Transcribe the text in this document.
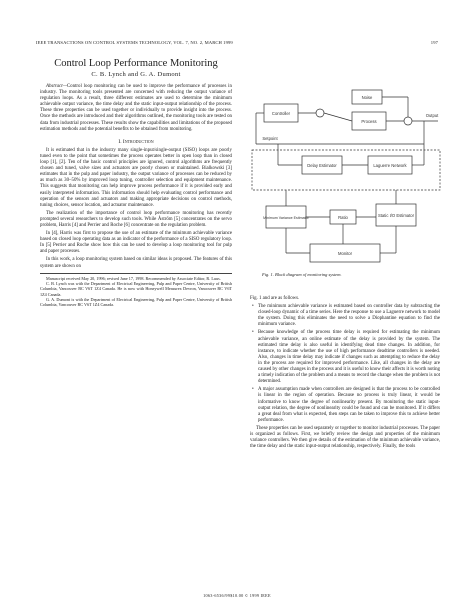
IEEE TRANSACTIONS ON CONTROL SYSTEMS TECHNOLOGY, VOL. 7, NO. 2, MARCH 1999	197
Control Loop Performance Monitoring
C. B. Lynch and G. A. Dumont

Abstract—Control loop monitoring can be used to improve the performance of processes in industry. The monitoring tools presented are concerned with reducing the output variance of regulation loops. As a result, three different estimates are used to determine the minimum achievable output variance, the time delay and the static input-output relationship of the process. These three properties can be used together or individually to provide insight into the process. Once the methods are introduced and their algorithms outlined, the monitoring tools are tested on data from industrial processes. These results show the capabilities and limitations of the proposed estimation methods and the potential benefits to be obtained from monitoring.

I. Introduction

It is estimated that in the industry many single-input/single-output (SISO) loops are poorly tuned even to the point that sometimes the process operates better in open loop than in closed loop [1], [2]. Ten of the basic control principles are ignored, control algorithms are frequently chosen and tuned, valve sizes and actuators are poorly chosen or maintained. Bialkowski [3] estimates that in the pulp and paper industry, the output variance of processes can be reduced by as much as 30–50% by improved loop tuning, controller selection and equipment maintenance. This suggests that monitoring can help improve process performance if it is provided early and easily interpreted information. This information should help evaluating control performance and operation of the sensors and actuators and making appropriate decisions on control methods, tuning choices, sensor location, and actuator maintenance.

The realization of the importance of control loop performance monitoring has recently prompted several researchers to develop such tools. While Åström [5] concentrates on the servo problem, Harris [4] and Perrier and Roche [6] concentrate on the regulation problem.

In [4], Harris was first to propose the use of an estimate of the minimum achievable variance based on closed loop operating data as an indicator of the performance of a SISO regulatory loop. In [5] Perrier and Roche show how this can be used to develop a loop monitoring tool for pulp and paper processes.

In this work, a loop monitoring system based on similar ideas is proposed. The features of this system are shown on

Manuscript received May 20, 1996; revised June 17, 1998. Recommended by Associate Editor, R. Luus.
C. B. Lynch was with the Department of Electrical Engineering, Pulp and Paper Centre, University of British Columbia, Vancouver BC V6T 1Z4 Canada. He is now with Honeywell Measurex Devron, Vancouver BC V6T 1Z4 Canada.
G. A. Dumont is with the Department of Electrical Engineering, Pulp and Paper Centre, University of British Columbia, Vancouver BC V6T 1Z4 Canada.
Noise
Controller
Process
Output
Delay Estimator	Laguerre Network
Minimum Variance Estimator	Ratio	Static I/O Estimator
Monitor
Setpoint
Fig. 1. Block diagram of monitoring system.
Fig. 1 and are as follows.
• The minimum achievable variance is estimated based on controller data by subtracting the closed-loop dynamic of a time series. Here the response to use a Laguerre network to model the system. Doing this eliminates the need to solve a Diophantine equation to find the minimum variance.
• Because knowledge of the process time delay is required for estimating the minimum achievable variance, an online estimate of the delay is provided by the system. The estimated time delay is also useful in identifying dead time changes. In addition, for instance, to indicate whether the use of high performance deadtime controllers is needed. Also, changes in time delay may indicate if changes such as attempting to reduce the delay in the process are required for improved performance. Like, all changes in the delay are caused by other changes in the process and it is useful to know their affects it is worth noting a timely indication of the problem and a means to record the change when the problem is not determined.
• A major assumption made when controllers are designed is that the process to be controlled is linear in the region of operation. Because no process is truly linear, it would be informative to know the degree of nonlinearity present. By monitoring the static input-output relation, the degree of nonlinearity could be found and can be monitored. If it differs a great deal from what is expected, then steps can be taken to improve this to achieve better performance.

These properties can be used separately or together to monitor industrial processes. The paper is organized as follows. First, we briefly review the design and properties of the minimum variance controllers. We then give details of the estimation of the minimum achievable variance, the time delay and the static input-output relationship, respectively. Finally, the tools

1063-6536/99$10.00 © 1999 IEEE
